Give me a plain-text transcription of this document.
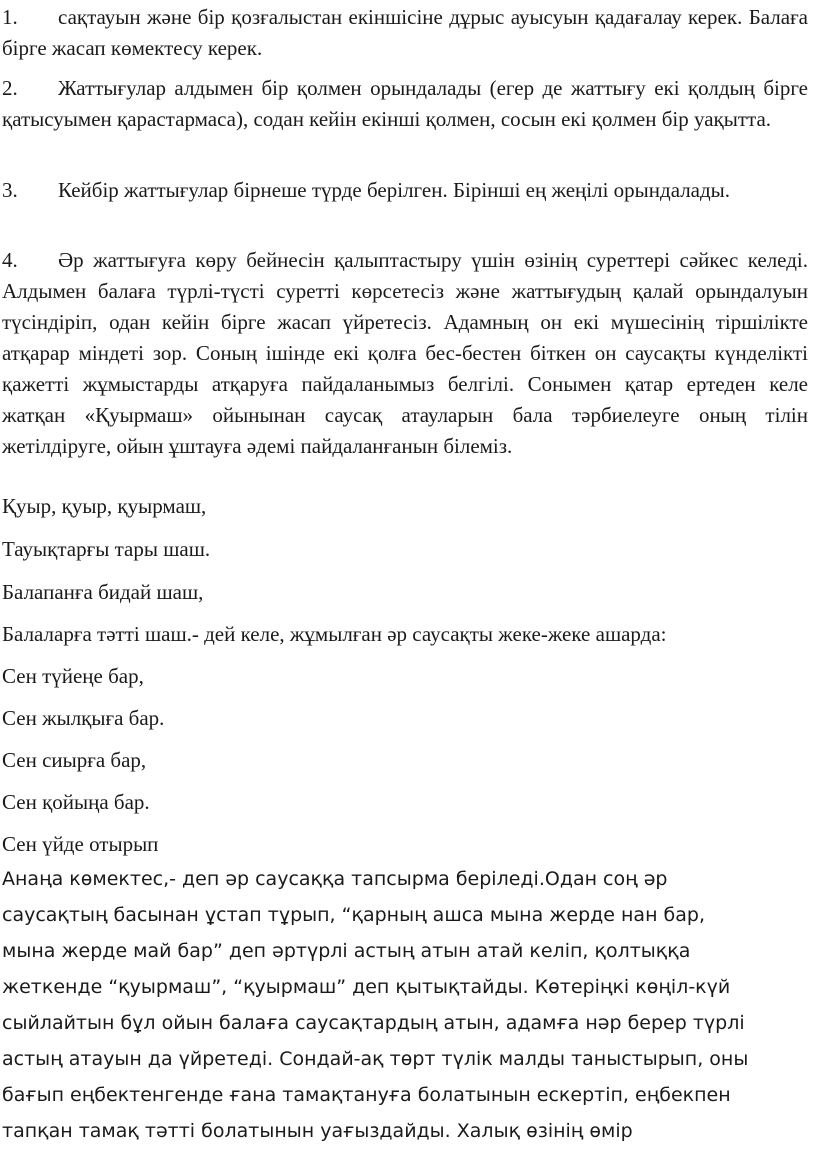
1. сақтауын және бір қозғалыстан екіншісіне дұрыс ауысуын қадағалау керек. Балаға бірге жасап көмектесу керек.

2. Жаттығулар алдымен бір қолмен орындалады (егер де жаттығу екі қолдың бірге қатысуымен қарастармаса), содан кейін екінші қолмен, сосын екі қолмен бір уақытта.

3. Кейбір жаттығулар бірнеше түрде берілген. Бірінші ең жеңілі орындалады.

4. Әр жаттығуға көру бейнесін қалыптастыру үшін өзінің суреттері сәйкес келеді. Алдымен балаға түрлі-түсті суретті көрсетесіз және жаттығудың қалай орындалуын түсіндіріп, одан кейін бірге жасап үйретесіз. Адамның он екі мүшесінің тіршілікте атқарар міндеті зор. Соның ішінде екі қолға бес-бестен біткен он саусақты күнделікті қажетті жұмыстарды атқаруға пайдаланымыз белгілі. Сонымен қатар ертеден келе жатқан «Қуырмаш» ойынынан саусақ атауларын бала тәрбиелеуге оның тілін жетілдіруге, ойын ұштауға әдемі пайдаланғанын білеміз.

Қуыр, қуыр, қуырмаш,

Тауықтарғы тары шаш.

Балапанға бидай шаш,

Балаларға тәтті шаш.- дей келе, жұмылған әр саусақты жеке-жеке ашарда:

Сен түйеңе бар,

Сен жылқыға бар.

Сен сиырға бар,

Сен қойыңа бар.

Сен үйде отырып

Анаңа көмектес,- деп әр саусаққа тапсырма беріледі.Одан соң әр
саусақтың басынан ұстап тұрып, “қарның ашса мына жерде нан бар,
мына жерде май бар” деп әртүрлі астың атын атай келіп, қолтыққа
жеткенде “қуырмаш”, “қуырмаш” деп қытықтайды. Көтеріңкі көңіл-күй
сыйлайтын бұл ойын балаға саусақтардың атын, адамға нәр берер түрлі
астың атауын да үйретеді. Сондай-ақ төрт түлік малды таныстырып, оны
бағып еңбектенгенде ғана тамақтануға болатынын ескертіп, еңбекпен
тапқан тамақ тәтті болатынын уағыздайды. Халық өзінің өмір
